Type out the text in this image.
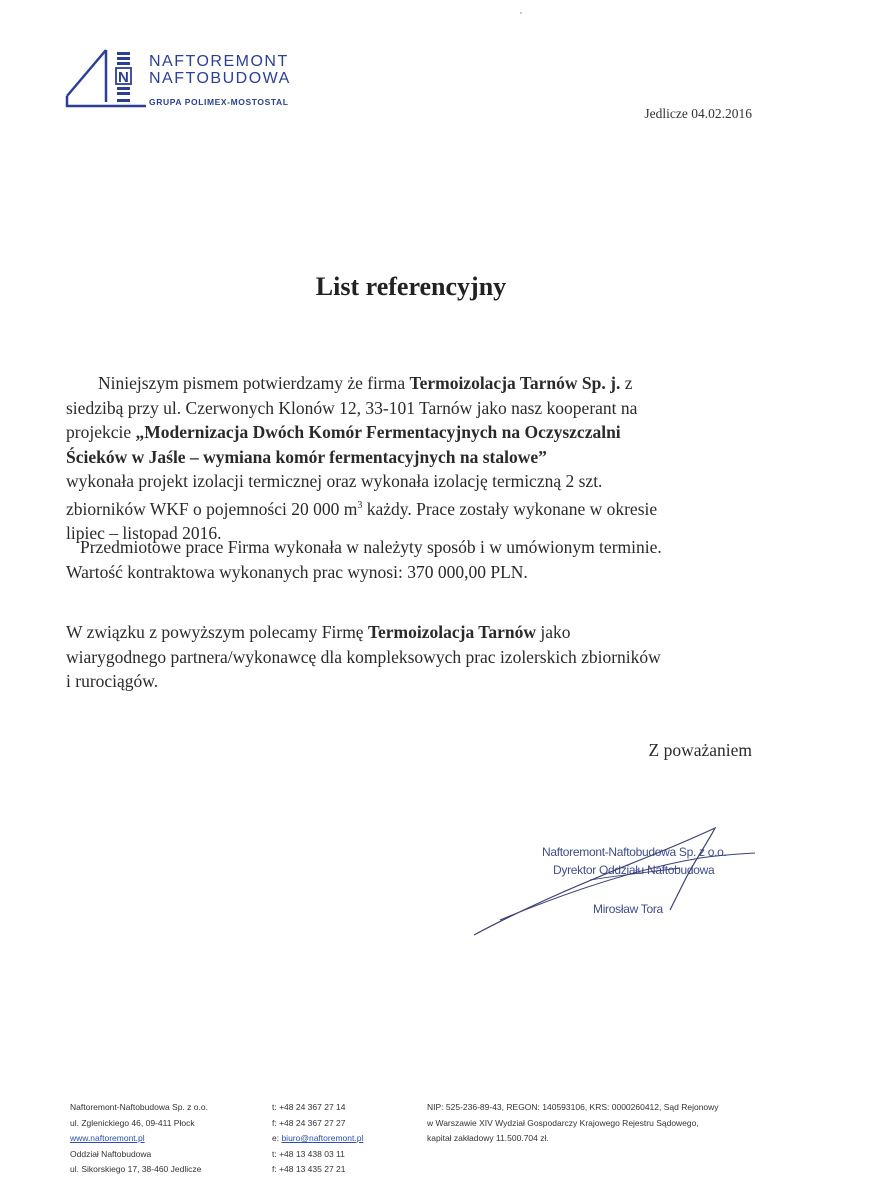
N
NAFTOREMONT
NAFTOBUDOWA
GRUPA POLIMEX-MOSTOSTAL
Jedlicze 04.02.2016
List referencyjny
Niniejszym pismem potwierdzamy że firma Termoizolacja Tarnów Sp. j. z
siedzibą przy ul. Czerwonych Klonów 12, 33-101 Tarnów jako nasz kooperant na
projekcie „Modernizacja Dwóch Komór Fermentacyjnych na Oczyszczalni
Ścieków w Jaśle – wymiana komór fermentacyjnych na stalowe”
wykonała projekt izolacji termicznej oraz wykonała izolację termiczną 2 szt.
zbiorników WKF o pojemności 20 000 $m^3$ każdy. Prace zostały wykonane w okresie
lipiec – listopad 2016.
Przedmiotowe prace Firma wykonała w należyty sposób i w umówionym terminie.
Wartość kontraktowa wykonanych prac wynosi: 370 000,00 PLN.
W związku z powyższym polecamy Firmę Termoizolacja Tarnów jako
wiarygodnego partnera/wykonawcę dla kompleksowych prac izolerskich zbiorników
i rurociągów.
Z poważaniem
Naftoremont-Naftobudowa Sp. z o.o.
Dyrektor Oddziału Naftobudowa
Mirosław Tora
Naftoremont-Naftobudowa Sp. z o.o.
ul. Zglenickiego 46, 09-411 Płock
www.naftoremont.pl
Oddział Naftobudowa
ul. Sikorskiego 17, 38-460 Jedlicze
t: +48 24 367 27 14
f: +48 24 367 27 27
e: biuro@naftoremont.pl
t: +48 13 438 03 11
f: +48 13 435 27 21
NIP: 525-236-89-43, REGON: 140593106, KRS: 0000260412, Sąd Rejonowy
w Warszawie XIV Wydział Gospodarczy Krajowego Rejestru Sądowego,
kapitał zakładowy 11.500.704 zł.
